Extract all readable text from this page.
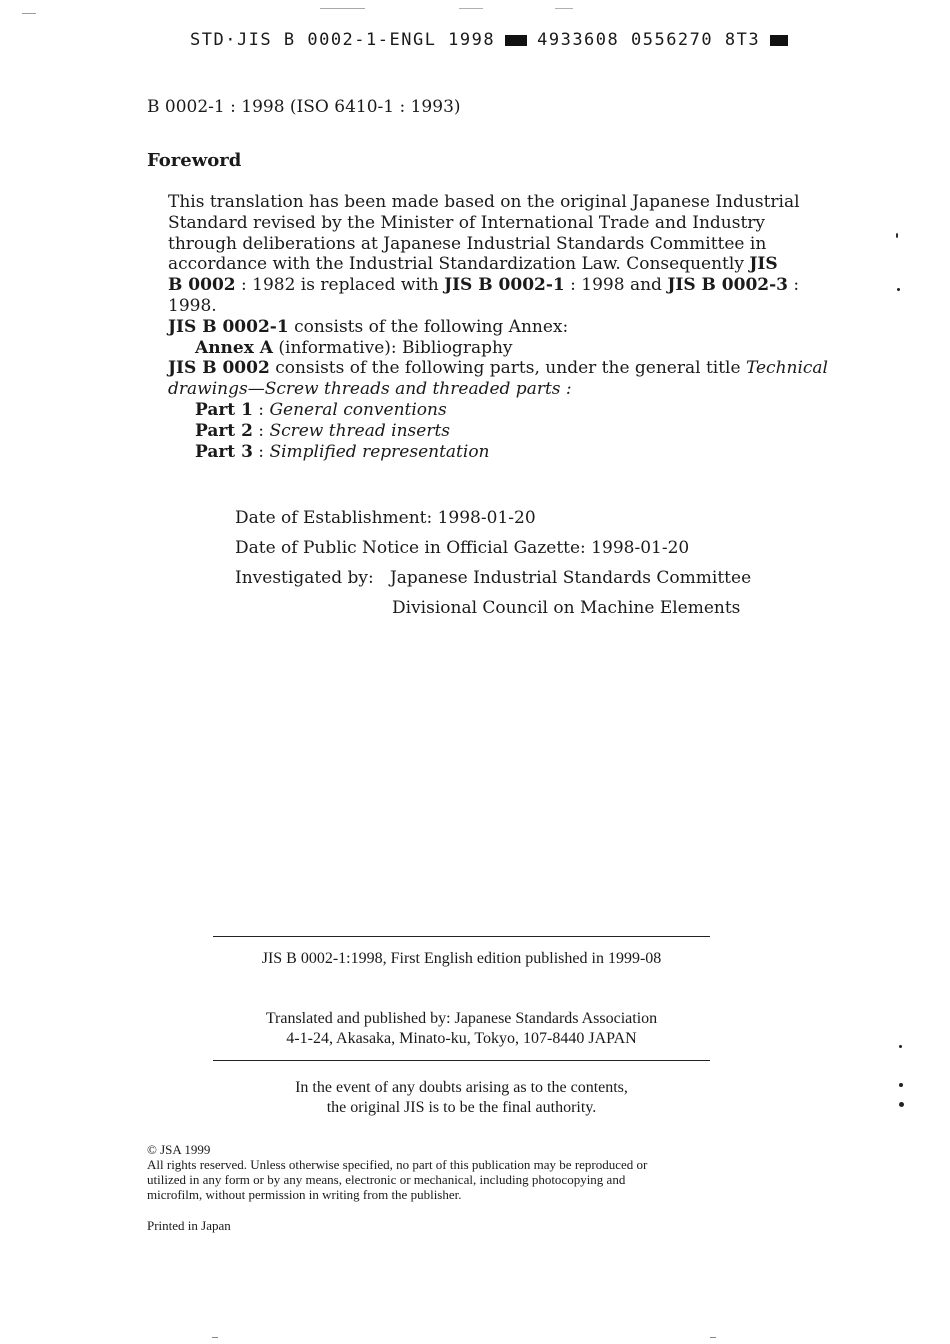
STD·JIS B 0002-1-ENGL 1998 4933608 0556270 8T3
B 0002-1 : 1998 (ISO 6410-1 : 1993)
Foreword
This translation has been made based on the original Japanese Industrial
Standard revised by the Minister of International Trade and Industry
through deliberations at Japanese Industrial Standards Committee in
accordance with the Industrial Standardization Law. Consequently JIS
B 0002 : 1982 is replaced with JIS B 0002-1 : 1998 and JIS B 0002-3 :
1998.
JIS B 0002-1 consists of the following Annex:
Annex A (informative): Bibliography
JIS B 0002 consists of the following parts, under the general title Technical
drawings—Screw threads and threaded parts :
Part 1 : General conventions
Part 2 : Screw thread inserts
Part 3 : Simplified representation
Date of Establishment: 1998-01-20
Date of Public Notice in Official Gazette: 1998-01-20
Investigated by: Japanese Industrial Standards Committee
Divisional Council on Machine Elements
JIS B 0002-1:1998, First English edition published in 1999-08
Translated and published by: Japanese Standards Association
4-1-24, Akasaka, Minato-ku, Tokyo, 107-8440 JAPAN
In the event of any doubts arising as to the contents,
the original JIS is to be the final authority.
© JSA 1999
All rights reserved. Unless otherwise specified, no part of this publication may be reproduced or
utilized in any form or by any means, electronic or mechanical, including photocopying and
microfilm, without permission in writing from the publisher.
Printed in Japan
